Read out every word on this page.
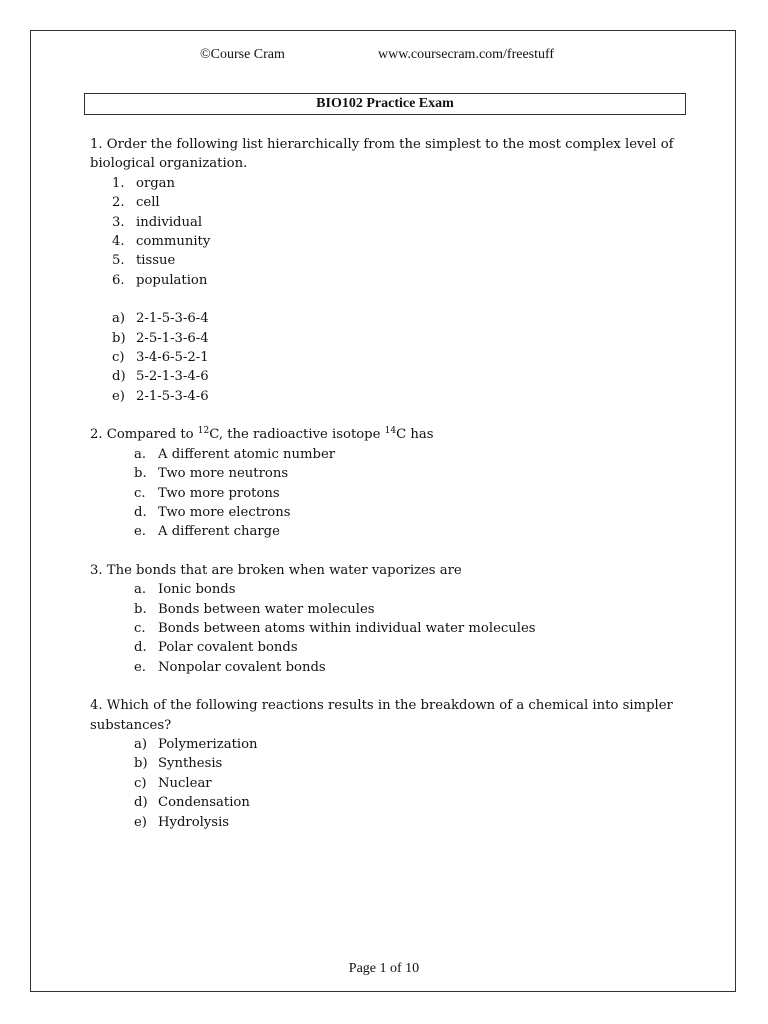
©Course Cram	www.coursecram.com/freestuff
BIO102 Practice Exam

1. Order the following list hierarchically from the simplest to the most complex level of biological organization.

1. organ
2. cell
3. individual
4. community
5. tissue
6. population
a) 2-1-5-3-6-4
b) 2-5-1-3-6-4
c) 3-4-6-5-2-1
d) 5-2-1-3-4-6
e) 2-1-5-3-4-6

2. Compared to $^{12}$C, the radioactive isotope $^{14}$C has

a. A different atomic number
b. Two more neutrons
c. Two more protons
d. Two more electrons
e. A different charge

3. The bonds that are broken when water vaporizes are

a. Ionic bonds
b. Bonds between water molecules
c. Bonds between atoms within individual water molecules
d. Polar covalent bonds
e. Nonpolar covalent bonds

4. Which of the following reactions results in the breakdown of a chemical into simpler substances?

a) Polymerization
b) Synthesis
c) Nuclear
d) Condensation
e) Hydrolysis
Page 1 of 10
